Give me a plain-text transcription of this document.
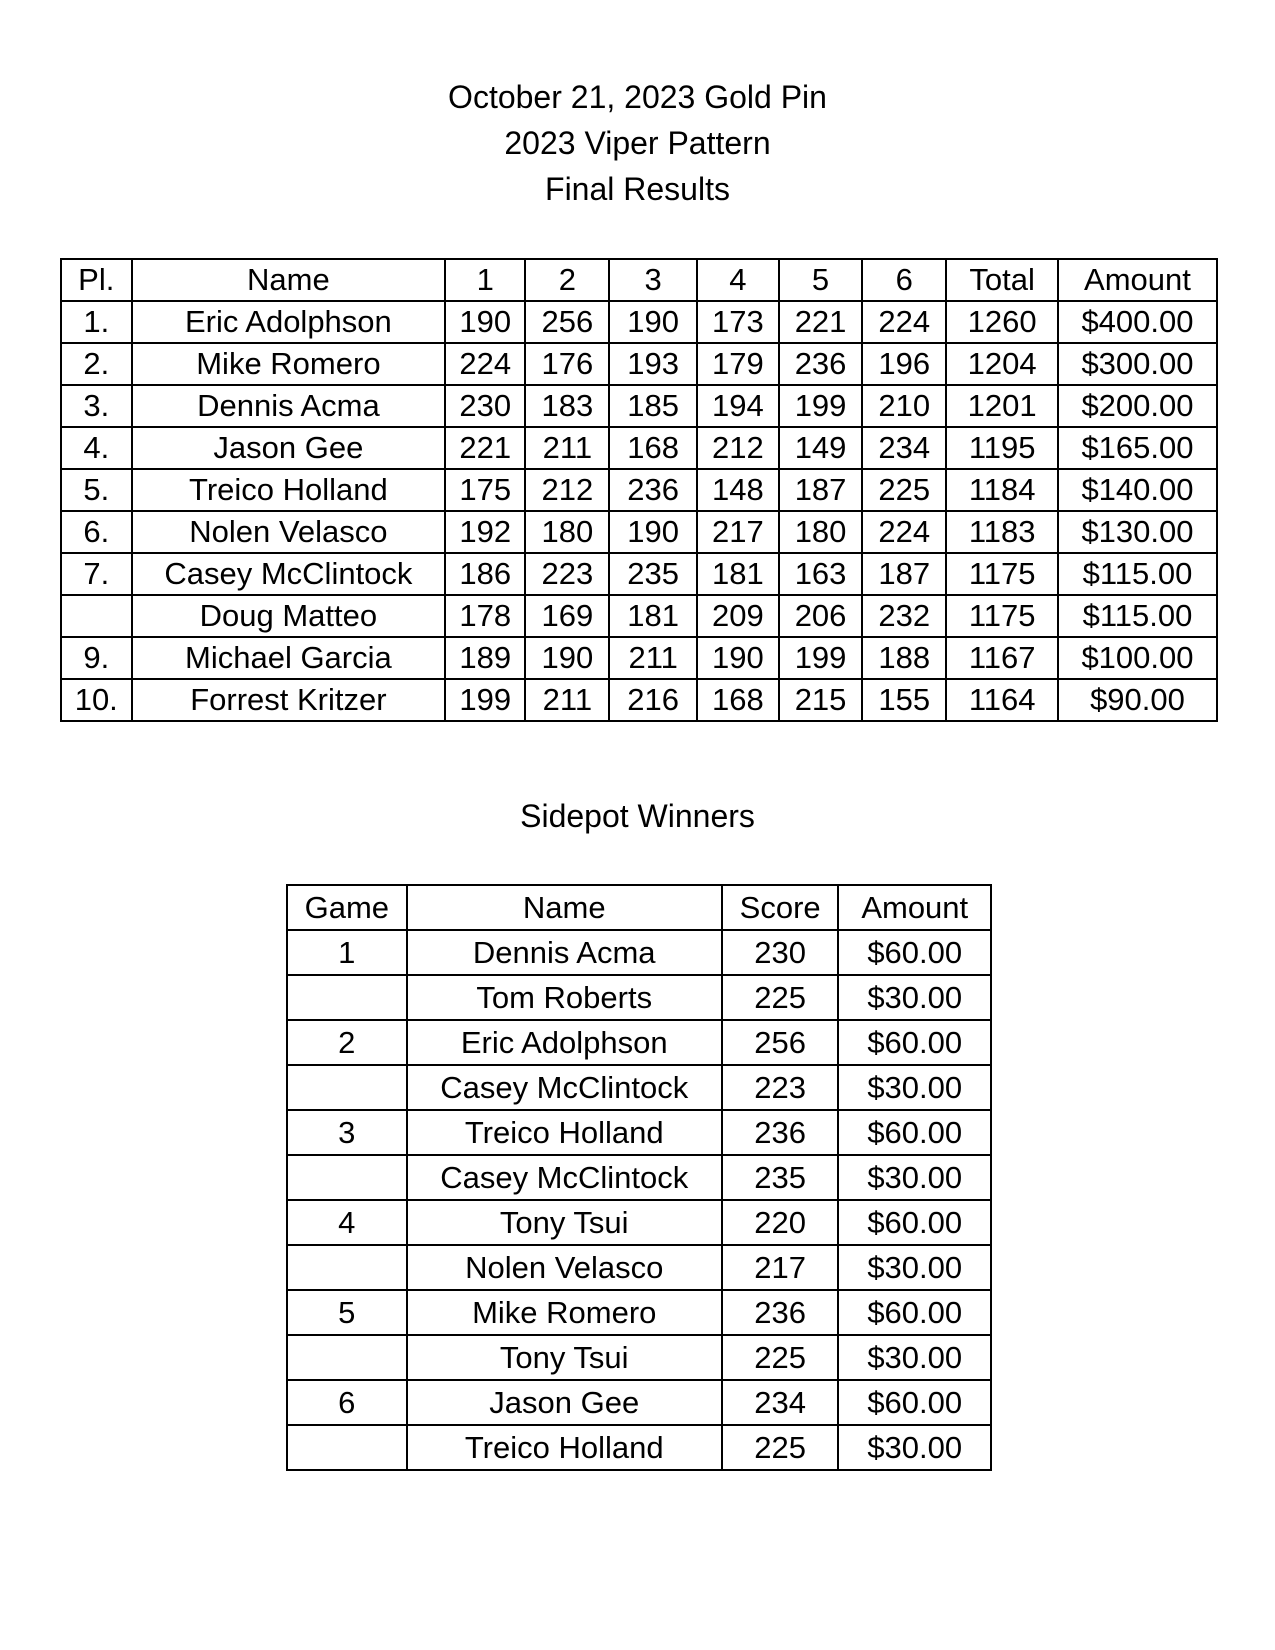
October 21, 2023 Gold Pin
2023 Viper Pattern
Final Results
Pl.	Name	1	2	3	4	5	6	Total	Amount
1.	Eric Adolphson	190	256	190	173	221	224	1260	$400.00
2.	Mike Romero	224	176	193	179	236	196	1204	$300.00
3.	Dennis Acma	230	183	185	194	199	210	1201	$200.00
4.	Jason Gee	221	211	168	212	149	234	1195	$165.00
5.	Treico Holland	175	212	236	148	187	225	1184	$140.00
6.	Nolen Velasco	192	180	190	217	180	224	1183	$130.00
7.	Casey McClintock	186	223	235	181	163	187	1175	$115.00
	Doug Matteo	178	169	181	209	206	232	1175	$115.00
9.	Michael Garcia	189	190	211	190	199	188	1167	$100.00
10.	Forrest Kritzer	199	211	216	168	215	155	1164	$90.00
Sidepot Winners
Game	Name	Score	Amount
1	Dennis Acma	230	$60.00
	Tom Roberts	225	$30.00
2	Eric Adolphson	256	$60.00
	Casey McClintock	223	$30.00
3	Treico Holland	236	$60.00
	Casey McClintock	235	$30.00
4	Tony Tsui	220	$60.00
	Nolen Velasco	217	$30.00
5	Mike Romero	236	$60.00
	Tony Tsui	225	$30.00
6	Jason Gee	234	$60.00
	Treico Holland	225	$30.00
